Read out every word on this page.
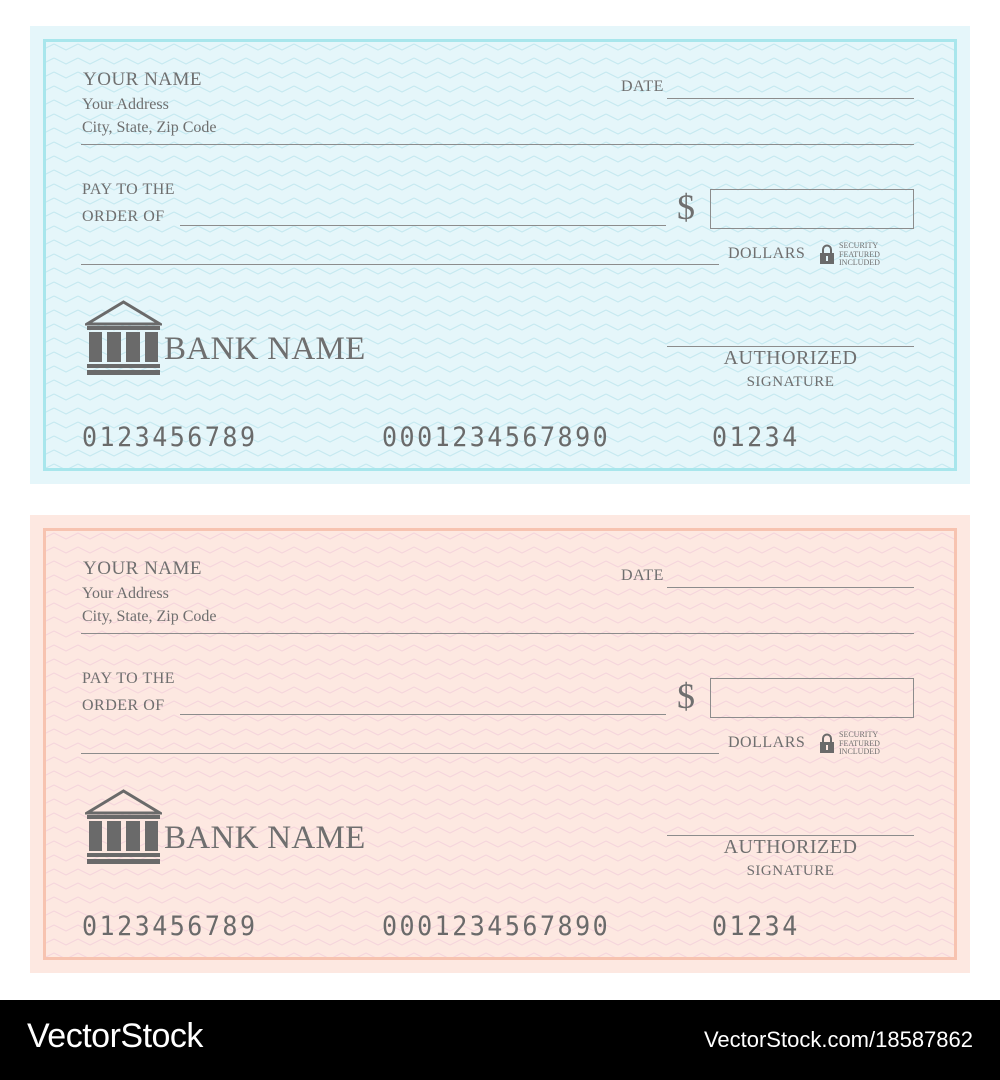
YOUR NAME
Your Address
City, State, Zip Code
DATE
PAY TO THE
ORDER OF	$
DOLLARS	SECURITY
FEATURED
INCLUDED
BANK NAME	AUTHORIZED
SIGNATURE
0123456789	0001234567890	01234
YOUR NAME
Your Address
City, State, Zip Code
DATE
PAY TO THE
ORDER OF	$
DOLLARS	SECURITY
FEATURED
INCLUDED
BANK NAME	AUTHORIZED
SIGNATURE
0123456789	0001234567890	01234
VectorStock	VectorStock.com/18587862
